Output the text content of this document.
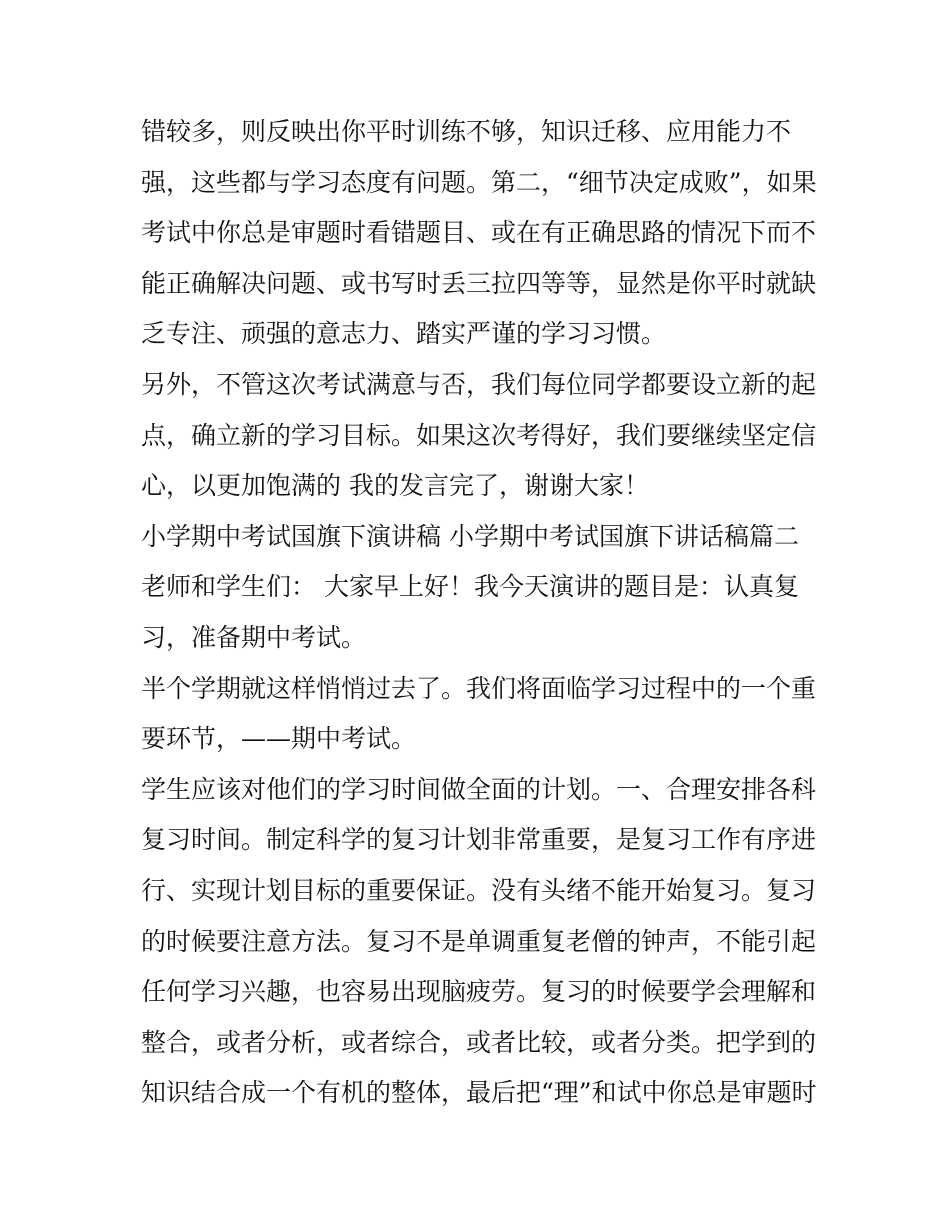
错较多，则反映出你平时训练不够，知识迁移、应用能力不
强，这些都与学习态度有问题。第二，“细节决定成败”，如果
考试中你总是审题时看错题目、或在有正确思路的情况下而不
能正确解决问题、或书写时丢三拉四等等，显然是你平时就缺
乏专注、顽强的意志力、踏实严谨的学习习惯。
另外，不管这次考试满意与否，我们每位同学都要设立新的起
点，确立新的学习目标。如果这次考得好，我们要继续坚定信
心，以更加饱满的 我的发言完了，谢谢大家！
小学期中考试国旗下演讲稿 小学期中考试国旗下讲话稿篇二
老师和学生们： 大家早上好！我今天演讲的题目是：认真复
习，准备期中考试。
半个学期就这样悄悄过去了。我们将面临学习过程中的一个重
要环节，——期中考试。
学生应该对他们的学习时间做全面的计划。一、合理安排各科
复习时间。制定科学的复习计划非常重要，是复习工作有序进
行、实现计划目标的重要保证。没有头绪不能开始复习。复习
的时候要注意方法。复习不是单调重复老僧的钟声，不能引起
任何学习兴趣，也容易出现脑疲劳。复习的时候要学会理解和
整合，或者分析，或者综合，或者比较，或者分类。把学到的
知识结合成一个有机的整体，最后把“理”和试中你总是审题时
